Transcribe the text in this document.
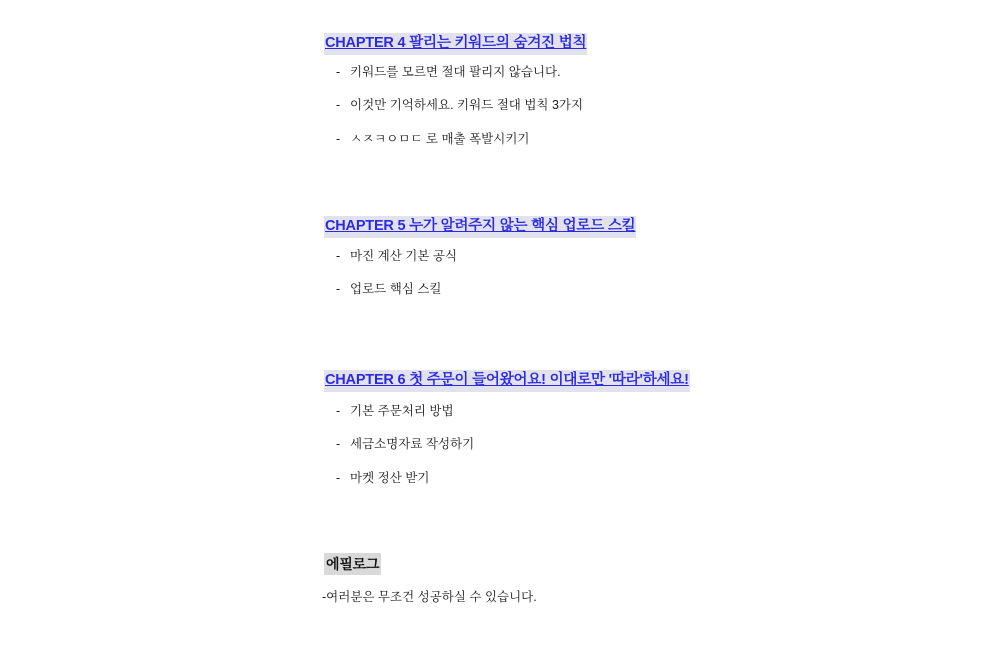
CHAPTER 4 팔리는 키워드의 숨겨진 법칙
- 키워드를 모르면 절대 팔리지 않습니다.
- 이것만 기억하세요. 키워드 절대 법칙 3가지
- ㅅㅈㅋㅇㅁㄷ 로 매출 폭발시키기
CHAPTER 5 누가 알려주지 않는 핵심 업로드 스킬
- 마진 계산 기본 공식
- 업로드 핵심 스킬
CHAPTER 6 첫 주문이 들어왔어요! 이대로만 '따라'하세요!
- 기본 주문처리 방법
- 세금소명자료 작성하기
- 마켓 정산 받기
에필로그
-여러분은 무조건 성공하실 수 있습니다.
